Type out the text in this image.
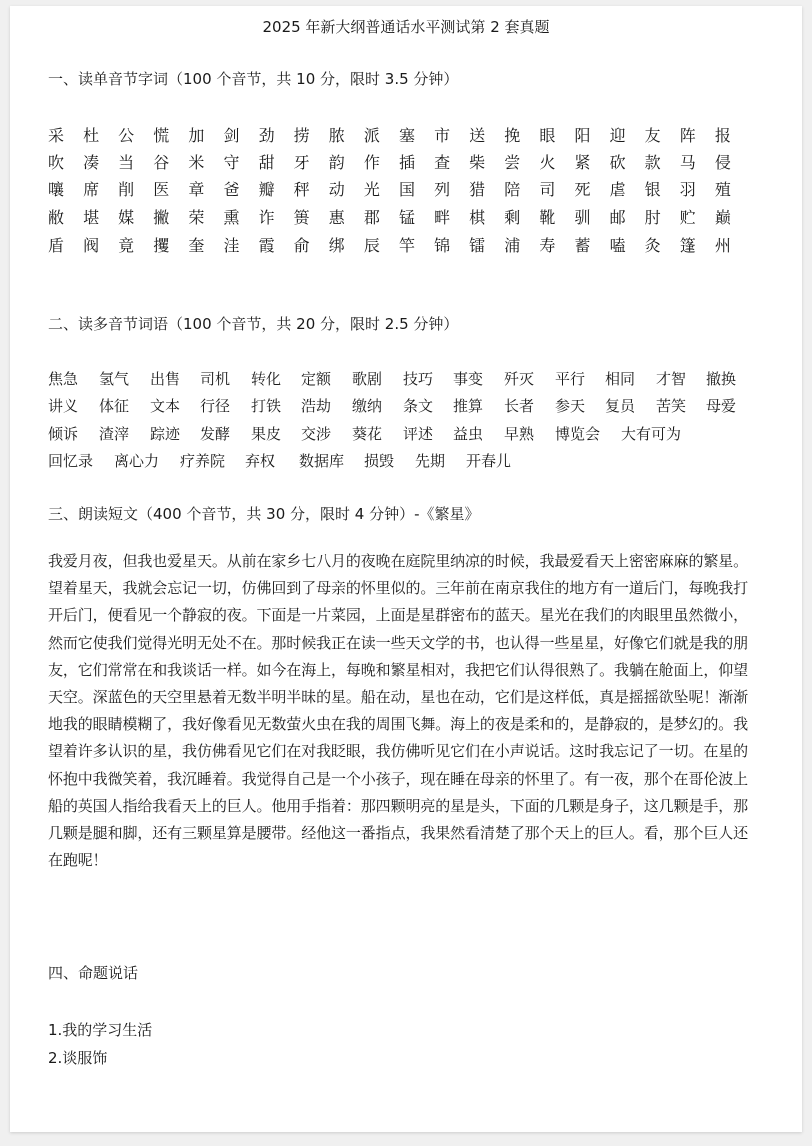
2025 年新大纲普通话水平测试第 2 套真题
一、读单音节字词（100 个音节，共 10 分，限时 3.5 分钟）
采 杜 公 慌 加 剑 劲 捞 脓 派 塞 市 送 挽 眼 阳 迎 友 阵 报
吹 凑 当 谷 米 守 甜 牙 韵 作 插 查 柴 尝 火 紧 砍 款 马 侵
嚷 席 削 医 章 爸 瓣 秤 动 光 国 列 猎 陪 司 死 虐 银 羽 殖
敝 堪 媒 撇 荣 熏 诈 篑 惠 郡 锰 畔 棋 剩 靴 驯 邮 肘 贮 巅
盾 阀 竟 攫 奎 洼 霞 俞 绑 辰 竿 锦 镭 浦 寿 蓄 嗑 灸 篷 州
二、读多音节词语（100 个音节，共 20 分，限时 2.5 分钟）
焦急 氢气 出售 司机 转化 定额 歌剧 技巧 事变 歼灭 平行 相同 才智 撤换
讲义 体征 文本 行径 打铁 浩劫 缴纳 条文 推算 长者 参天 复员 苦笑 母爱
倾诉 渣滓 踪迹 发酵 果皮 交涉 葵花 评述 益虫 早熟 博览会 大有可为
回忆录 离心力 疗养院 弃权 数据库 损毁 先期 开春儿
三、朗读短文（400 个音节，共 30 分，限时 4 分钟）-《繁星》
我爱月夜，但我也爱星天。从前在家乡七八月的夜晚在庭院里纳凉的时候，我最爱看天上密密麻麻的繁星。望着星天，我就会忘记一切，仿佛回到了母亲的怀里似的。三年前在南京我住的地方有一道后门，每晚我打开后门，便看见一个静寂的夜。下面是一片菜园，上面是星群密布的蓝天。星光在我们的肉眼里虽然微小，然而它使我们觉得光明无处不在。那时候我正在读一些天文学的书，也认得一些星星，好像它们就是我的朋友，它们常常在和我谈话一样。如今在海上，每晚和繁星相对，我把它们认得很熟了。我躺在舱面上，仰望天空。深蓝色的天空里悬着无数半明半昧的星。船在动，星也在动，它们是这样低，真是摇摇欲坠呢！渐渐地我的眼睛模糊了，我好像看见无数萤火虫在我的周围飞舞。海上的夜是柔和的，是静寂的，是梦幻的。我望着许多认识的星，我仿佛看见它们在对我眨眼，我仿佛听见它们在小声说话。这时我忘记了一切。在星的怀抱中我微笑着，我沉睡着。我觉得自己是一个小孩子，现在睡在母亲的怀里了。有一夜，那个在哥伦波上船的英国人指给我看天上的巨人。他用手指着：那四颗明亮的星是头，下面的几颗是身子，这几颗是手，那几颗是腿和脚，还有三颗星算是腰带。经他这一番指点，我果然看清楚了那个天上的巨人。看，那个巨人还在跑呢！
四、命题说话
1.我的学习生活
2.谈服饰
